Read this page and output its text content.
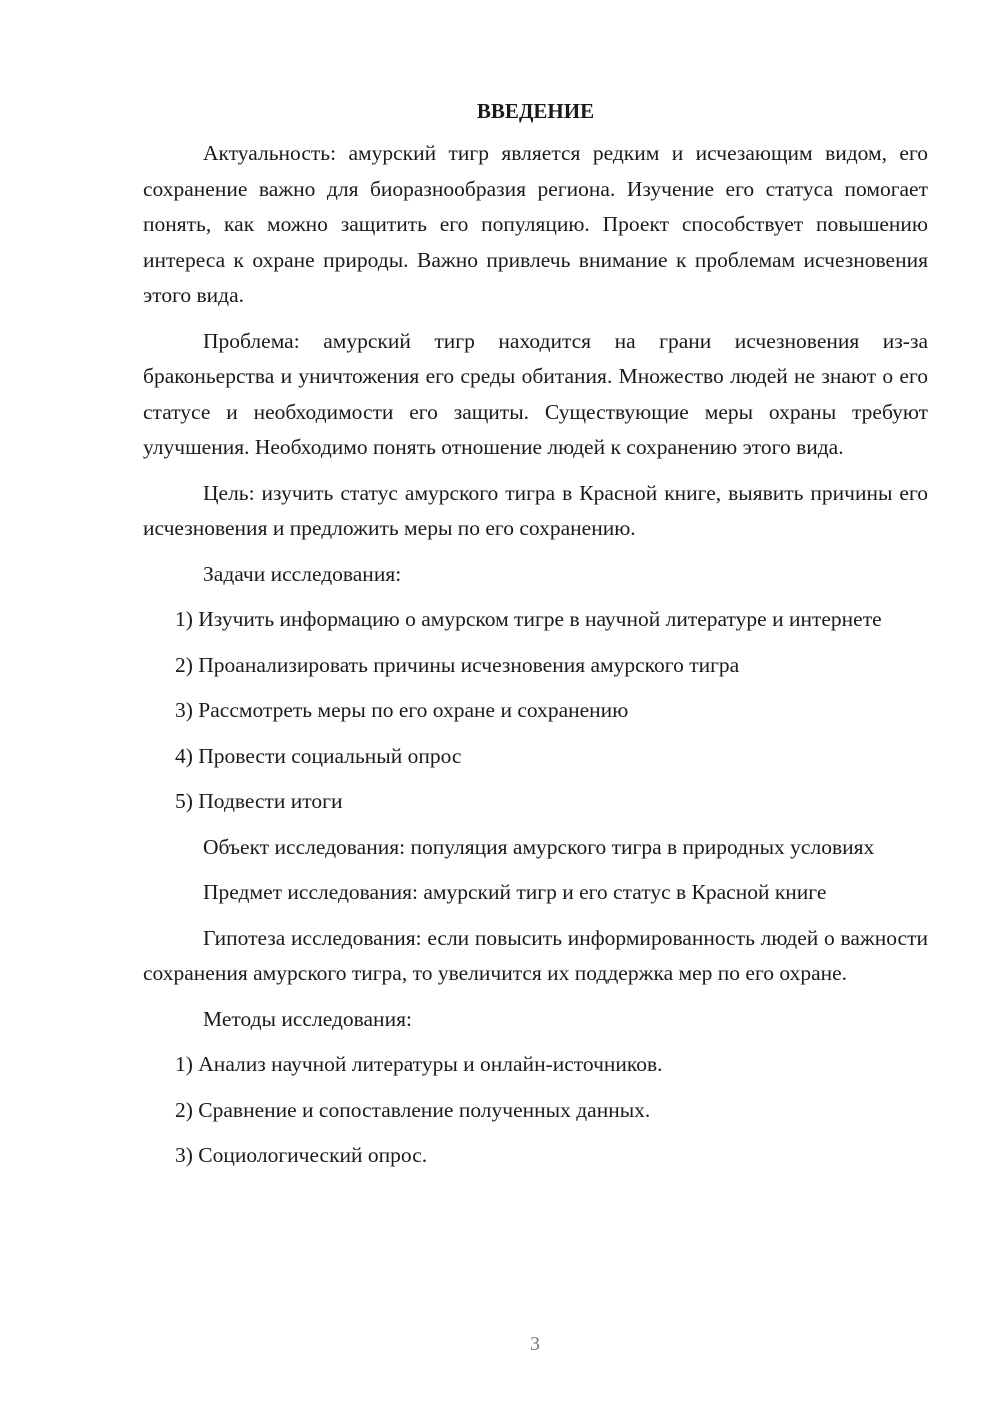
ВВЕДЕНИЕ

Актуальность: амурский тигр является редким и исчезающим видом, его сохранение важно для биоразнообразия региона. Изучение его статуса помогает понять, как можно защитить его популяцию. Проект способствует повышению интереса к охране природы. Важно привлечь внимание к проблемам исчезновения этого вида.

Проблема: амурский тигр находится на грани исчезновения из-за браконьерства и уничтожения его среды обитания. Множество людей не знают о его статусе и необходимости его защиты. Существующие меры охраны требуют улучшения. Необходимо понять отношение людей к сохранению этого вида.

Цель: изучить статус амурского тигра в Красной книге, выявить причины его исчезновения и предложить меры по его сохранению.

Задачи исследования:

1) Изучить информацию о амурском тигре в научной литературе и интернете

2) Проанализировать причины исчезновения амурского тигра

3) Рассмотреть меры по его охране и сохранению

4) Провести социальный опрос

5) Подвести итоги

Объект исследования: популяция амурского тигра в природных условиях

Предмет исследования: амурский тигр и его статус в Красной книге

Гипотеза исследования: если повысить информированность людей о важности сохранения амурского тигра, то увеличится их поддержка мер по его охране.

Методы исследования:

1) Анализ научной литературы и онлайн-источников.

2) Сравнение и сопоставление полученных данных.

3) Социологический опрос.

3
